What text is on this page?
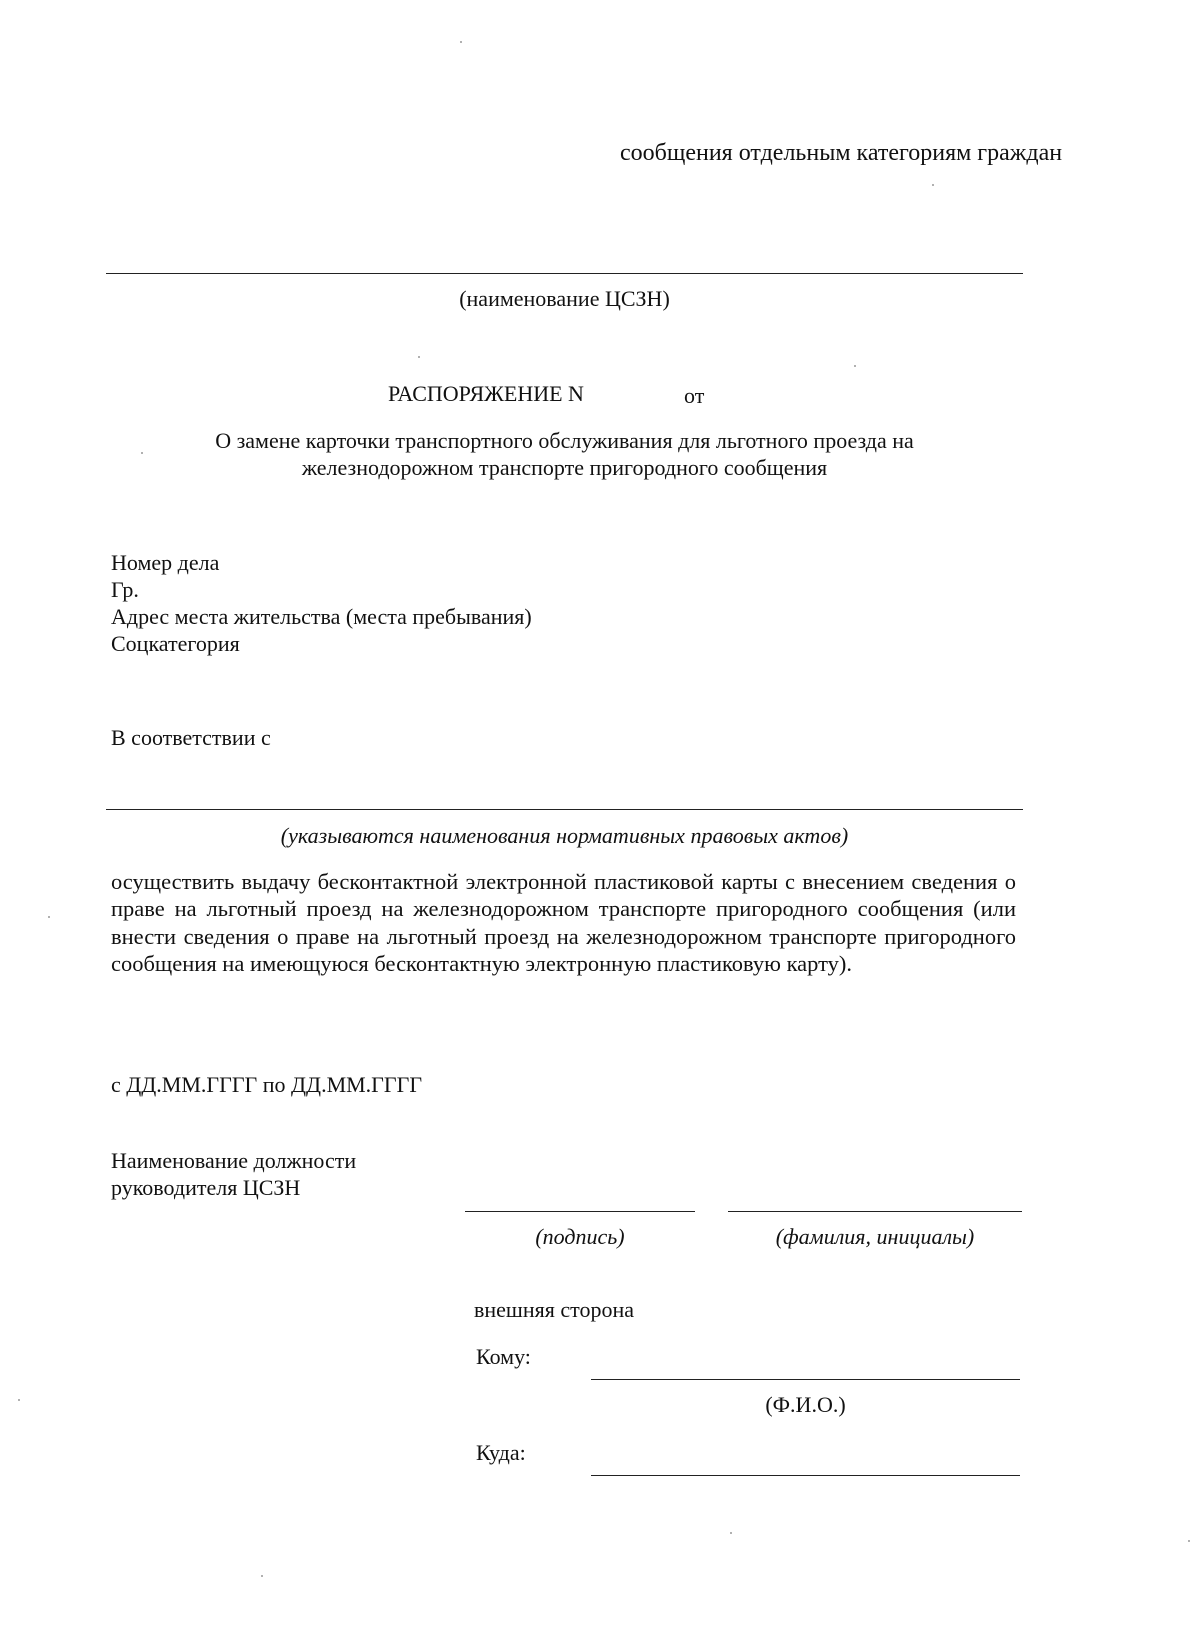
сообщения отдельным категориям граждан
(наименование ЦСЗН)
РАСПОРЯЖЕНИЕ N	от
О замене карточки транспортного обслуживания для льготного проезда на
железнодорожном транспорте пригородного сообщения
Номер дела
Гр.
Адрес места жительства (места пребывания)
Соцкатегория
В соответствии с
(указываются наименования нормативных правовых актов)

осуществить выдачу бесконтактной электронной пластиковой карты с внесением сведения о праве на льготный проезд на железнодорожном транспорте пригородного сообщения (или внести сведения о праве на льготный проезд на железнодорожном транспорте пригородного сообщения на имеющуюся бесконтактную электронную пластиковую карту).

с ДД.ММ.ГГГГ по ДД.ММ.ГГГГ
Наименование должности
руководителя ЦСЗН
(подпись)	(фамилия, инициалы)
внешняя сторона
Кому:
(Ф.И.О.)
Куда:
